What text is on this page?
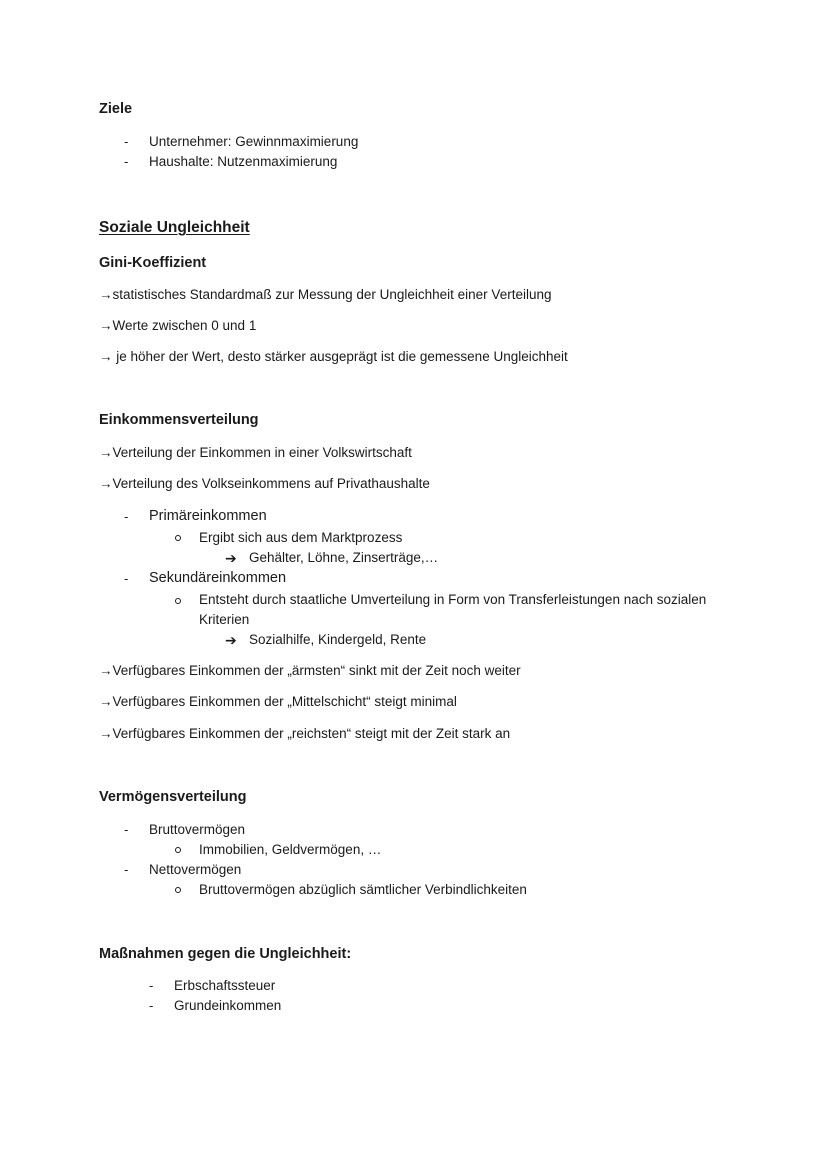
Ziele
- Unternehmer: Gewinnmaximierung
- Haushalte: Nutzenmaximierung
Soziale Ungleichheit
Gini-Koeffizient
→statistisches Standardmaß zur Messung der Ungleichheit einer Verteilung
→Werte zwischen 0 und 1
→ je höher der Wert, desto stärker ausgeprägt ist die gemessene Ungleichheit
Einkommensverteilung
→Verteilung der Einkommen in einer Volkswirtschaft
→Verteilung des Volkseinkommens auf Privathaushalte
- Primäreinkommen
Ergibt sich aus dem Marktprozess
➔ Gehälter, Löhne, Zinserträge,…
- Sekundäreinkommen
Entsteht durch staatliche Umverteilung in Form von Transferleistungen nach sozialen
Kriterien
➔ Sozialhilfe, Kindergeld, Rente
→Verfügbares Einkommen der „ärmsten“ sinkt mit der Zeit noch weiter
→Verfügbares Einkommen der „Mittelschicht“ steigt minimal
→Verfügbares Einkommen der „reichsten“ steigt mit der Zeit stark an
Vermögensverteilung
- Bruttovermögen
Immobilien, Geldvermögen, …
- Nettovermögen
Bruttovermögen abzüglich sämtlicher Verbindlichkeiten
Maßnahmen gegen die Ungleichheit:
- Erbschaftssteuer
- Grundeinkommen
